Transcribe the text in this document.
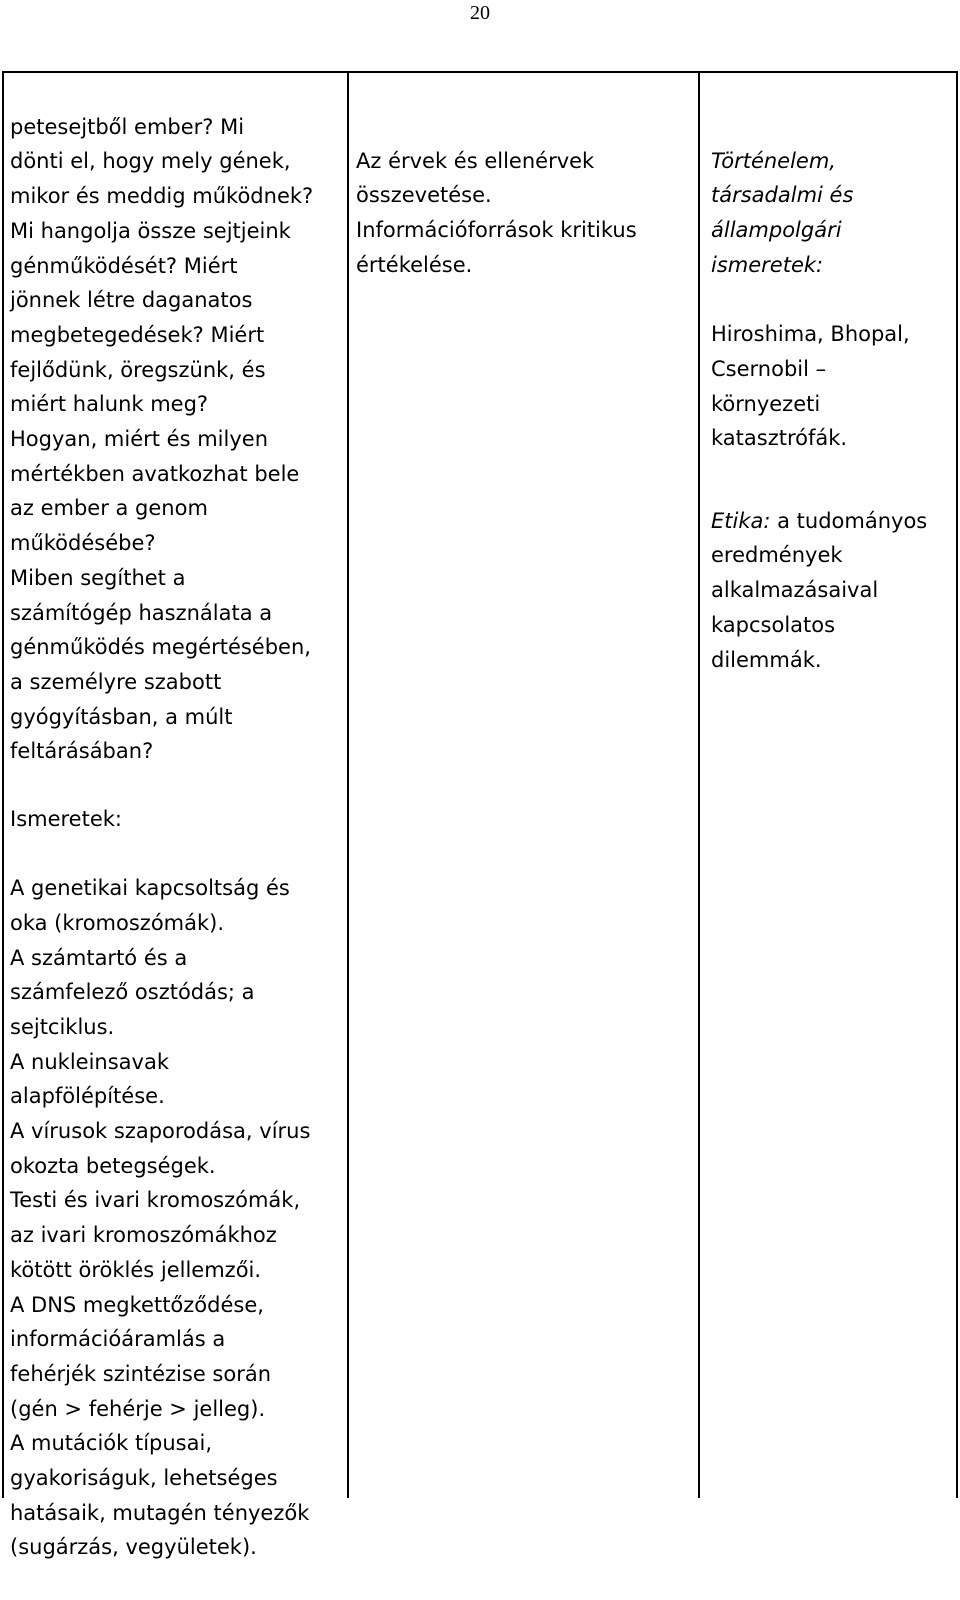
20

petesejtből ember? Mi
dönti el, hogy mely gének,
mikor és meddig működnek?
Mi hangolja össze sejtjeink
génműködését? Miért
jönnek létre daganatos
megbetegedések? Miért
fejlődünk, öregszünk, és
miért halunk meg?
Hogyan, miért és milyen
mértékben avatkozhat bele
az ember a genom
működésébe?
Miben segíthet a
számítógép használata a
génműködés megértésében,
a személyre szabott
gyógyításban, a múlt
feltárásában?

Ismeretek:

A genetikai kapcsoltság és
oka (kromoszómák).
A számtartó és a
számfelező osztódás; a
sejtciklus.
A nukleinsavak
alapfölépítése.
A vírusok szaporodása, vírus
okozta betegségek.
Testi és ivari kromoszómák,
az ivari kromoszómákhoz
kötött öröklés jellemzői.
A DNS megkettőződése,
információáramlás a
fehérjék szintézise során
(gén > fehérje > jelleg).
A mutációk típusai,
gyakoriságuk, lehetséges
hatásaik, mutagén tényezők
(sugárzás, vegyületek).

Az érvek és ellenérvek
összevetése.
Információforrások kritikus
értékelése.

Történelem,
társadalmi és
állampolgári
ismeretek:

Hiroshima, Bhopal,
Csernobil –
környezeti
katasztrófák.

Etika: a tudományos
eredmények
alkalmazásaival
kapcsolatos
dilemmák.
